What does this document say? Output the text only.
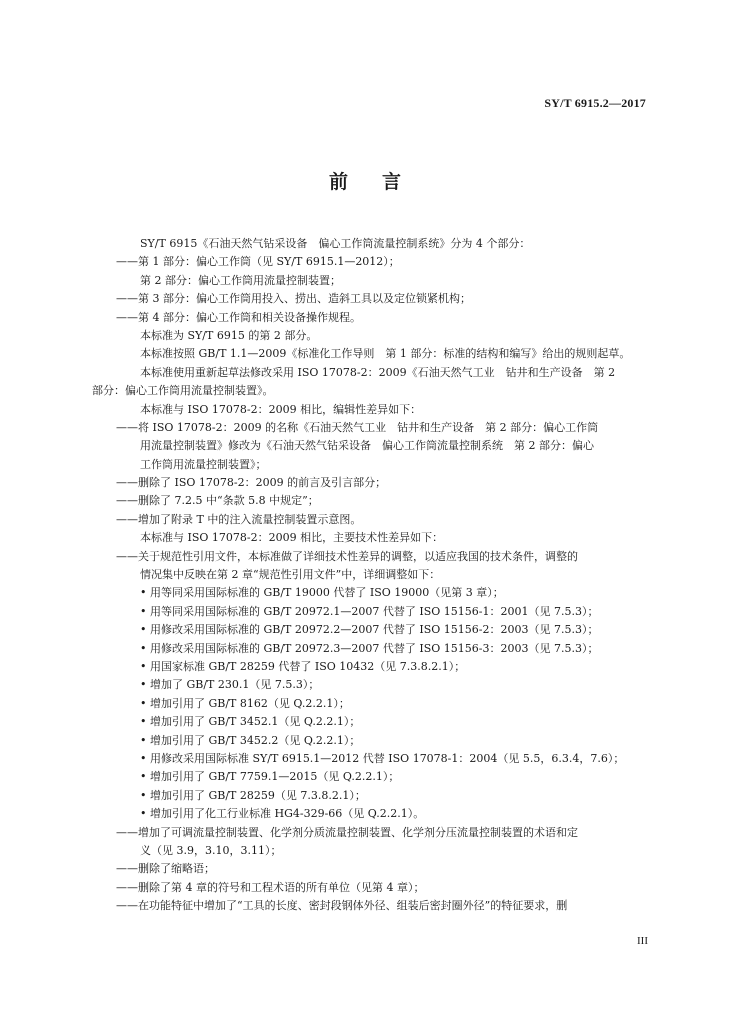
SY/T 6915.2—2017
前 言
SY/T 6915《石油天然气钻采设备　偏心工作筒流量控制系统》分为 4 个部分：
——第 1 部分：偏心工作筒（见 SY/T 6915.1—2012）；
第 2 部分：偏心工作筒用流量控制装置；
——第 3 部分：偏心工作筒用投入、捞出、造斜工具以及定位锁紧机构；
——第 4 部分：偏心工作筒和相关设备操作规程。
本标准为 SY/T 6915 的第 2 部分。
本标准按照 GB/T 1.1—2009《标准化工作导则　第 1 部分：标准的结构和编写》给出的规则起草。
本标准使用重新起草法修改采用 ISO 17078-2：2009《石油天然气工业　钻井和生产设备　第 2
部分：偏心工作筒用流量控制装置》。
本标准与 ISO 17078-2：2009 相比，编辑性差异如下：
——将 ISO 17078-2：2009 的名称《石油天然气工业　钻井和生产设备　第 2 部分：偏心工作筒
用流量控制装置》修改为《石油天然气钻采设备　偏心工作筒流量控制系统　第 2 部分：偏心
工作筒用流量控制装置》；
——删除了 ISO 17078-2：2009 的前言及引言部分；
——删除了 7.2.5 中“条款 5.8 中规定”；
——增加了附录 T 中的注入流量控制装置示意图。
本标准与 ISO 17078-2：2009 相比，主要技术性差异如下：
——关于规范性引用文件，本标准做了详细技术性差异的调整，以适应我国的技术条件，调整的
情况集中反映在第 2 章“规范性引用文件”中，详细调整如下：
• 用等同采用国际标准的 GB/T 19000 代替了 ISO 19000（见第 3 章）；
• 用等同采用国际标准的 GB/T 20972.1—2007 代替了 ISO 15156-1：2001（见 7.5.3）；
• 用修改采用国际标准的 GB/T 20972.2—2007 代替了 ISO 15156-2：2003（见 7.5.3）；
• 用修改采用国际标准的 GB/T 20972.3—2007 代替了 ISO 15156-3：2003（见 7.5.3）；
• 用国家标准 GB/T 28259 代替了 ISO 10432（见 7.3.8.2.1）；
• 增加了 GB/T 230.1（见 7.5.3）；
• 增加引用了 GB/T 8162（见 Q.2.2.1）；
• 增加引用了 GB/T 3452.1（见 Q.2.2.1）；
• 增加引用了 GB/T 3452.2（见 Q.2.2.1）；
• 用修改采用国际标准 SY/T 6915.1—2012 代替 ISO 17078-1：2004（见 5.5，6.3.4，7.6）；
• 增加引用了 GB/T 7759.1—2015（见 Q.2.2.1）；
• 增加引用了 GB/T 28259（见 7.3.8.2.1）；
• 增加引用了化工行业标准 HG4-329-66（见 Q.2.2.1）。
——增加了可调流量控制装置、化学剂分质流量控制装置、化学剂分压流量控制装置的术语和定
义（见 3.9，3.10，3.11）；
——删除了缩略语；
——删除了第 4 章的符号和工程术语的所有单位（见第 4 章）；
——在功能特征中增加了“工具的长度、密封段钢体外径、组装后密封圈外径”的特征要求，删
III
